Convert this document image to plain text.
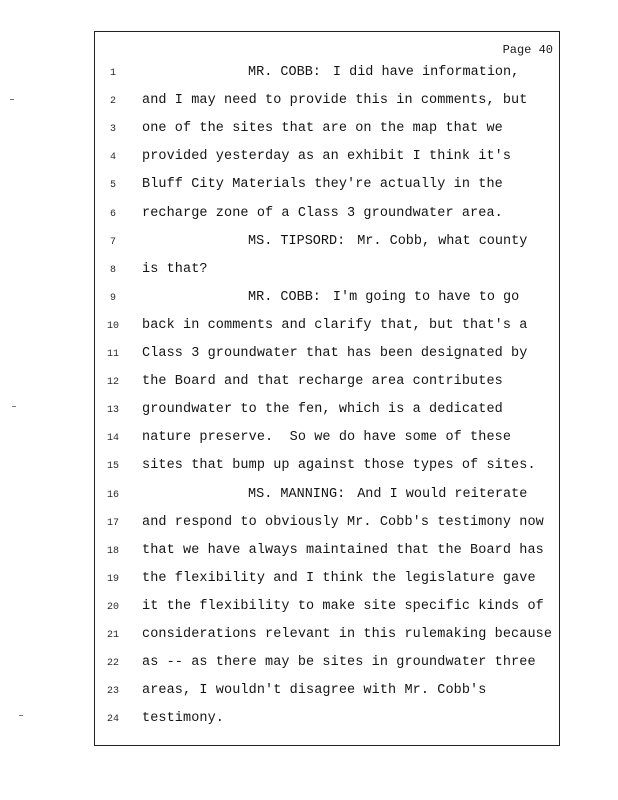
Page 40
1	MR. COBB: I did have information,
2	and I may need to provide this in comments, but
3	one of the sites that are on the map that we
4	provided yesterday as an exhibit I think it's
5	Bluff City Materials they're actually in the
6	recharge zone of a Class 3 groundwater area.
7	MS. TIPSORD: Mr. Cobb, what county
8	is that?
9	MR. COBB: I'm going to have to go
10	back in comments and clarify that, but that's a
11	Class 3 groundwater that has been designated by
12	the Board and that recharge area contributes
13	groundwater to the fen, which is a dedicated
14	nature preserve.  So we do have some of these
15	sites that bump up against those types of sites.
16	MS. MANNING: And I would reiterate
17	and respond to obviously Mr. Cobb's testimony now
18	that we have always maintained that the Board has
19	the flexibility and I think the legislature gave
20	it the flexibility to make site specific kinds of
21	considerations relevant in this rulemaking because
22	as -- as there may be sites in groundwater three
23	areas, I wouldn't disagree with Mr. Cobb's
24	testimony.
